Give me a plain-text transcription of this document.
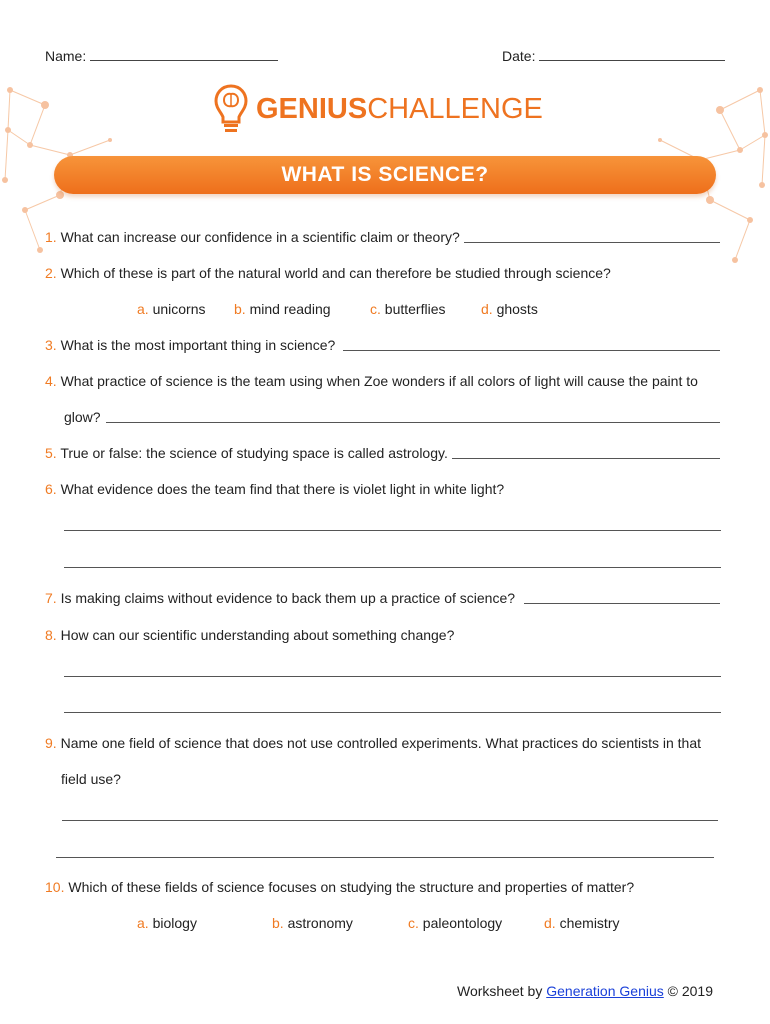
Name:	Date:
GENIUSCHALLENGE
WHAT IS SCIENCE?
1. What can increase our confidence in a scientific claim or theory?
2. Which of these is part of the natural world and can therefore be studied through science?
a. unicorns b. mind reading	c. butterflies	d. ghosts
3. What is the most important thing in science?
4. What practice of science is the team using when Zoe wonders if all colors of light will cause the paint to
glow?
5. True or false: the science of studying space is called astrology.
6. What evidence does the team find that there is violet light in white light?
7. Is making claims without evidence to back them up a practice of science?
8. How can our scientific understanding about something change?
9. Name one field of science that does not use controlled experiments. What practices do scientists in that
field use?
10. Which of these fields of science focuses on studying the structure and properties of matter?
a. biology	b. astronomy	c. paleontology	d. chemistry
Worksheet by Generation Genius © 2019
